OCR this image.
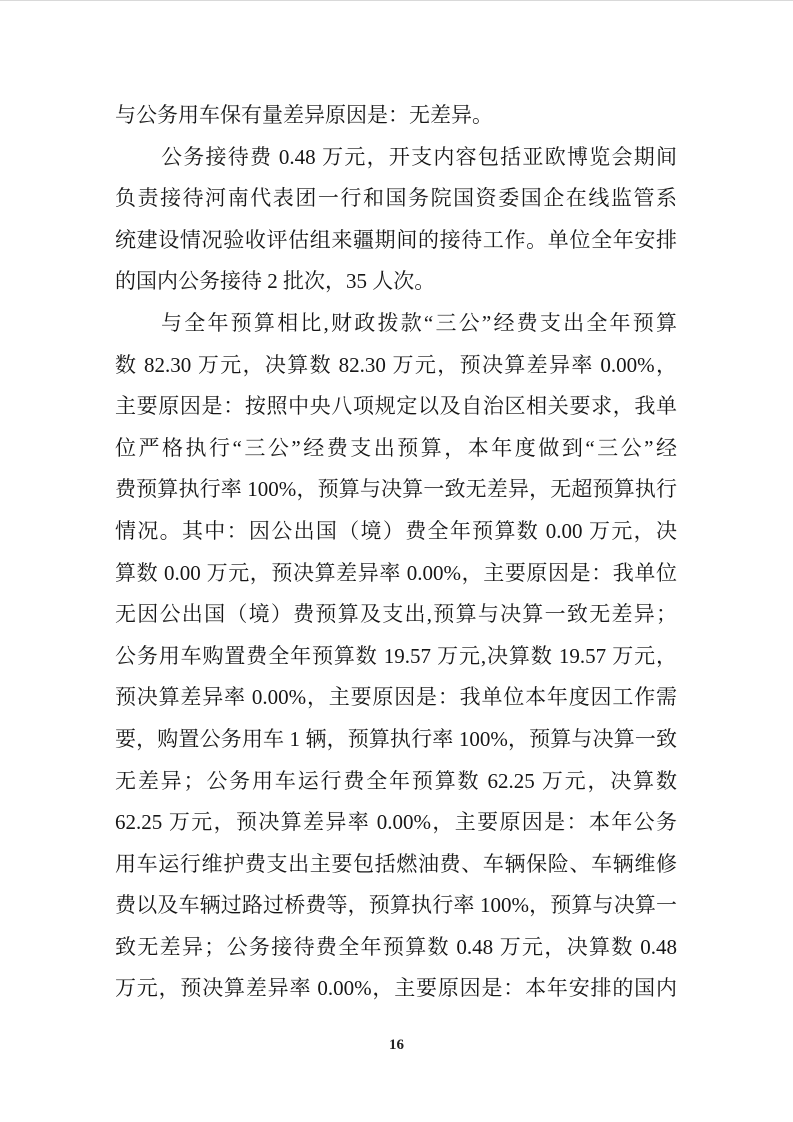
与公务用车保有量差异原因是：无差异。
公务接待费 0.48 万元，开支内容包括亚欧博览会期间
负责接待河南代表团一行和国务院国资委国企在线监管系
统建设情况验收评估组来疆期间的接待工作。单位全年安排
的国内公务接待 2 批次，35 人次。
与全年预算相比,财政拨款“三公”经费支出全年预算
数 82.30 万元，决算数 82.30 万元，预决算差异率 0.00%，
主要原因是：按照中央八项规定以及自治区相关要求，我单
位严格执行“三公”经费支出预算，本年度做到“三公”经
费预算执行率 100%，预算与决算一致无差异，无超预算执行
情况。其中：因公出国（境）费全年预算数 0.00 万元，决
算数 0.00 万元，预决算差异率 0.00%，主要原因是：我单位
无因公出国（境）费预算及支出,预算与决算一致无差异；
公务用车购置费全年预算数 19.57 万元,决算数 19.57 万元，
预决算差异率 0.00%，主要原因是：我单位本年度因工作需
要，购置公务用车 1 辆，预算执行率 100%，预算与决算一致
无差异；公务用车运行费全年预算数 62.25 万元，决算数
62.25 万元，预决算差异率 0.00%，主要原因是：本年公务
用车运行维护费支出主要包括燃油费、车辆保险、车辆维修
费以及车辆过路过桥费等，预算执行率 100%，预算与决算一
致无差异；公务接待费全年预算数 0.48 万元，决算数 0.48
万元，预决算差异率 0.00%，主要原因是：本年安排的国内
16
